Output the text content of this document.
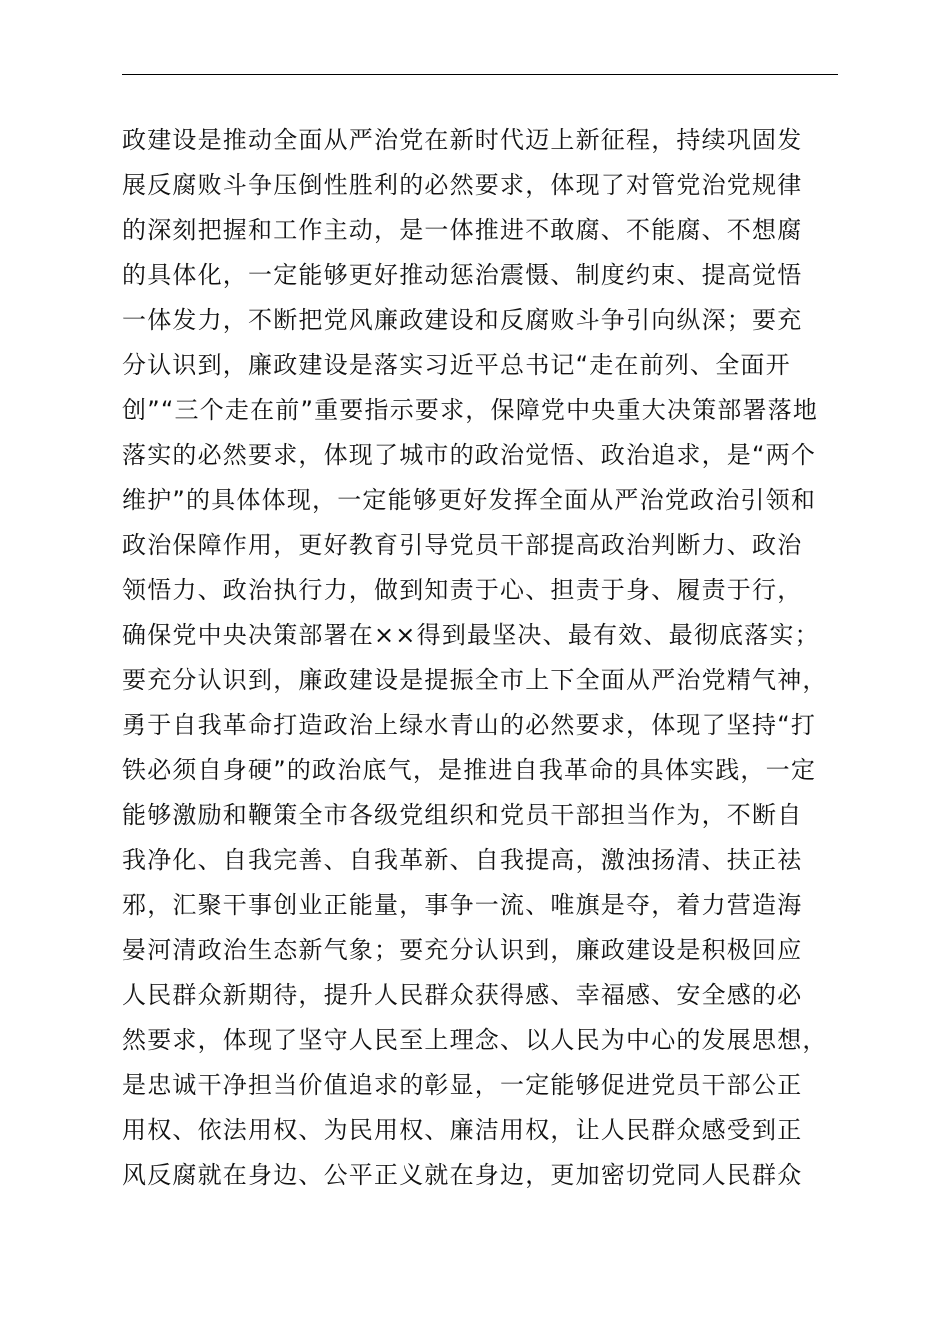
政建设是推动全面从严治党在新时代迈上新征程，持续巩固发
展反腐败斗争压倒性胜利的必然要求，体现了对管党治党规律
的深刻把握和工作主动，是一体推进不敢腐、不能腐、不想腐
的具体化，一定能够更好推动惩治震慑、制度约束、提高觉悟
一体发力，不断把党风廉政建设和反腐败斗争引向纵深；要充
分认识到，廉政建设是落实习近平总书记“走在前列、全面开
创”“三个走在前”重要指示要求，保障党中央重大决策部署落地
落实的必然要求，体现了城市的政治觉悟、政治追求，是“两个
维护”的具体体现，一定能够更好发挥全面从严治党政治引领和
政治保障作用，更好教育引导党员干部提高政治判断力、政治
领悟力、政治执行力，做到知责于心、担责于身、履责于行，
确保党中央决策部署在××得到最坚决、最有效、最彻底落实；
要充分认识到，廉政建设是提振全市上下全面从严治党精气神，
勇于自我革命打造政治上绿水青山的必然要求，体现了坚持“打
铁必须自身硬”的政治底气，是推进自我革命的具体实践，一定
能够激励和鞭策全市各级党组织和党员干部担当作为，不断自
我净化、自我完善、自我革新、自我提高，激浊扬清、扶正祛
邪，汇聚干事创业正能量，事争一流、唯旗是夺，着力营造海
晏河清政治生态新气象；要充分认识到，廉政建设是积极回应
人民群众新期待，提升人民群众获得感、幸福感、安全感的必
然要求，体现了坚守人民至上理念、以人民为中心的发展思想，
是忠诚干净担当价值追求的彰显，一定能够促进党员干部公正
用权、依法用权、为民用权、廉洁用权，让人民群众感受到正
风反腐就在身边、公平正义就在身边，更加密切党同人民群众
